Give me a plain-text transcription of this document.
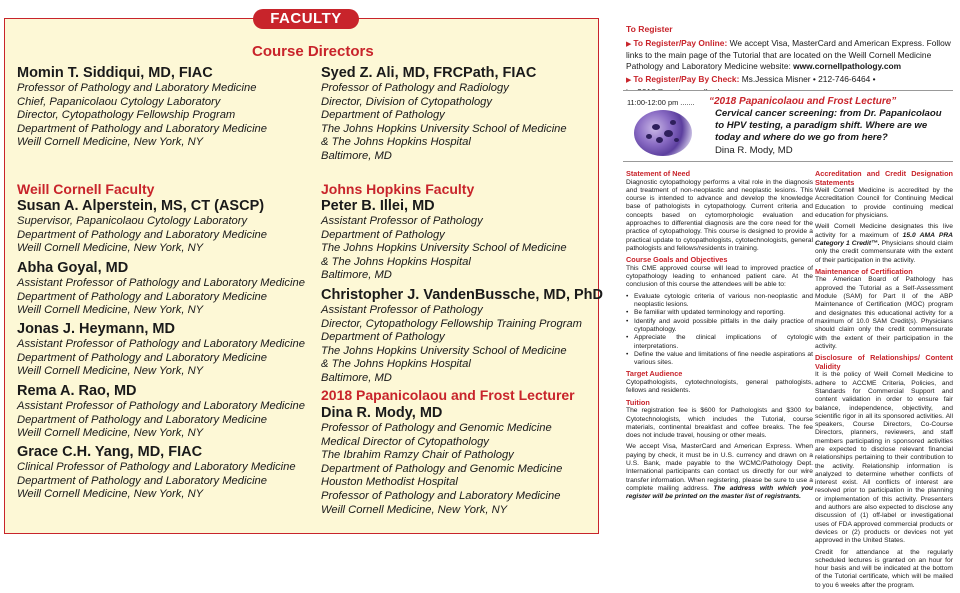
FACULTY
Course Directors
Momin T. Siddiqui, MD, FIAC
Professor of Pathology and Laboratory Medicine
Chief, Papanicolaou Cytology Laboratory
Director, Cytopathology Fellowship Program
Department of Pathology and Laboratory Medicine
Weill Cornell Medicine, New York, NY
Syed Z. Ali, MD, FRCPath, FIAC
Professor of Pathology and Radiology
Director, Division of Cytopathology
Department of Pathology
The Johns Hopkins University School of Medicine
& The Johns Hopkins Hospital
Baltimore, MD
Weill Cornell Faculty	Johns Hopkins Faculty
Susan A. Alperstein, MS, CT (ASCP)
Supervisor, Papanicolaou Cytology Laboratory
Department of Pathology and Laboratory Medicine
Weill Cornell Medicine, New York, NY
Abha Goyal, MD
Assistant Professor of Pathology and Laboratory Medicine
Department of Pathology and Laboratory Medicine
Weill Cornell Medicine, New York, NY
Jonas J. Heymann, MD
Assistant Professor of Pathology and Laboratory Medicine
Department of Pathology and Laboratory Medicine
Weill Cornell Medicine, New York, NY
Rema A. Rao, MD
Assistant Professor of Pathology and Laboratory Medicine
Department of Pathology and Laboratory Medicine
Weill Cornell Medicine, New York, NY
Grace C.H. Yang, MD, FIAC
Clinical Professor of Pathology and Laboratory Medicine
Department of Pathology and Laboratory Medicine
Weill Cornell Medicine, New York, NY
Peter B. Illei, MD
Assistant Professor of Pathology
Department of Pathology
The Johns Hopkins University School of Medicine
& The Johns Hopkins Hospital
Baltimore, MD
Christopher J. VandenBussche, MD, PhD
Assistant Professor of Pathology
Director, Cytopathology Fellowship Training Program
Department of Pathology
The Johns Hopkins University School of Medicine
& The Johns Hopkins Hospital
Baltimore, MD
2018 Papanicolaou and Frost Lecturer
Dina R. Mody, MD
Professor of Pathology and Genomic Medicine
Medical Director of Cytopathology
The Ibrahim Ramzy Chair of Pathology
Department of Pathology and Genomic Medicine
Houston Methodist Hospital
Professor of Pathology and Laboratory Medicine
Weill Cornell Medicine, New York, NY
To Register

▶ To Register/Pay Online: We accept Visa, MasterCard and American Express. Follow links to the main page of the Tutorial that are located on the Weill Cornell Medicine Pathology and Laboratory Medicine website: www.cornellpathology.com

▶ To Register/Pay By Check: Ms.Jessica Misner • 212-746-6464 •

11:00-12:00 pm ....... “2018 Papanicolaou and Frost Lecture”
Cervical cancer screening: from Dr. Papanicolaou to HPV testing, a paradigm shift. Where are we today and where do we go from here?
Dina R. Mody, MD
Statement of Need

Diagnostic cytopathology performs a vital role in the diagnosis and treatment of non-neoplastic and neoplastic lesions. This course is intended to advance and develop the knowledge base of pathologists in cytopathology. Current criteria and concepts based on cytomorphologic evaluation and approaches to differential diagnosis are the core need for the practice of cytopathology. This course is designed to provide a practical update to cytopathologists, cytotechnologists, general pathologists and fellows/residents in training.

Course Goals and Objectives

This CME approved course will lead to improved practice of cytopathology leading to enhanced patient care. At the conclusion of this course the attendees will be able to:

• Evaluate cytologic criteria of various non-neoplastic and neoplastic lesions.
• Be familiar with updated terminology and reporting.
• Identify and avoid possible pitfalls in the daily practice of cytopathology.
• Appreciate the clinical implications of cytologic interpretations.
• Define the value and limitations of fine needle aspirations at various sites.
Target Audience

Cytopathologists, cytotechnologists, general pathologists, fellows and residents.

Tuition

The registration fee is $600 for Pathologists and $300 for Cytotechnologists, which includes the Tutorial, course materials, continental breakfast and coffee breaks. The fee does not include travel, housing or other meals.

We accept Visa, MasterCard and American Express. When paying by check, it must be in U.S. currency and drawn on a U.S. Bank, made payable to the WCMC/Pathology Dept. International participants can contact us directly for our wire transfer information. When registering, please be sure to use a complete mailing address. The address with which you register will be printed on the master list of registrants.

Accreditation and Credit Designation Statements

Weill Cornell Medicine is accredited by the Accreditation Council for Continuing Medical Education to provide continuing medical education for physicians.

Weill Cornell Medicine designates this live activity for a maximum of 15.0 AMA PRA Category 1 Credit™. Physicians should claim only the credit commensurate with the extent of their participation in the activity.

Maintenance of Certification

The American Board of Pathology has approved the Tutorial as a Self-Assessment Module (SAM) for Part II of the ABP Maintenance of Certification (MOC) program and designates this educational activity for a maximum of 10.0 SAM Credit(s). Physicians should claim only the credit commensurate with the extent of their participation in the activity.

Disclosure of Relationships/ Content Validity

It is the policy of Weill Cornell Medicine to adhere to ACCME Criteria, Policies, and Standards for Commercial Support and content validation in order to ensure fair balance, independence, objectivity, and scientific rigor in all its sponsored activities. All speakers, Course Directors, Co-Course Directors, planners, reviewers, and staff members participating in sponsored activities are expected to disclose relevant financial relationships pertaining to their contribution to the activity. Relationship information is analyzed to determine whether conflicts of interest exist. All conflicts of interest are resolved prior to participation in the planning or implementation of this activity. Presenters and authors are also expected to disclose any discussion of (1) off-label or investigational uses of FDA approved commercial products or devices or (2) products or devices not yet approved in the United States.

Credit for attendance at the regularly scheduled lectures is granted on an hour for hour basis and will be indicated at the bottom of the Tutorial certificate, which will be mailed to you 6 weeks after the program.
